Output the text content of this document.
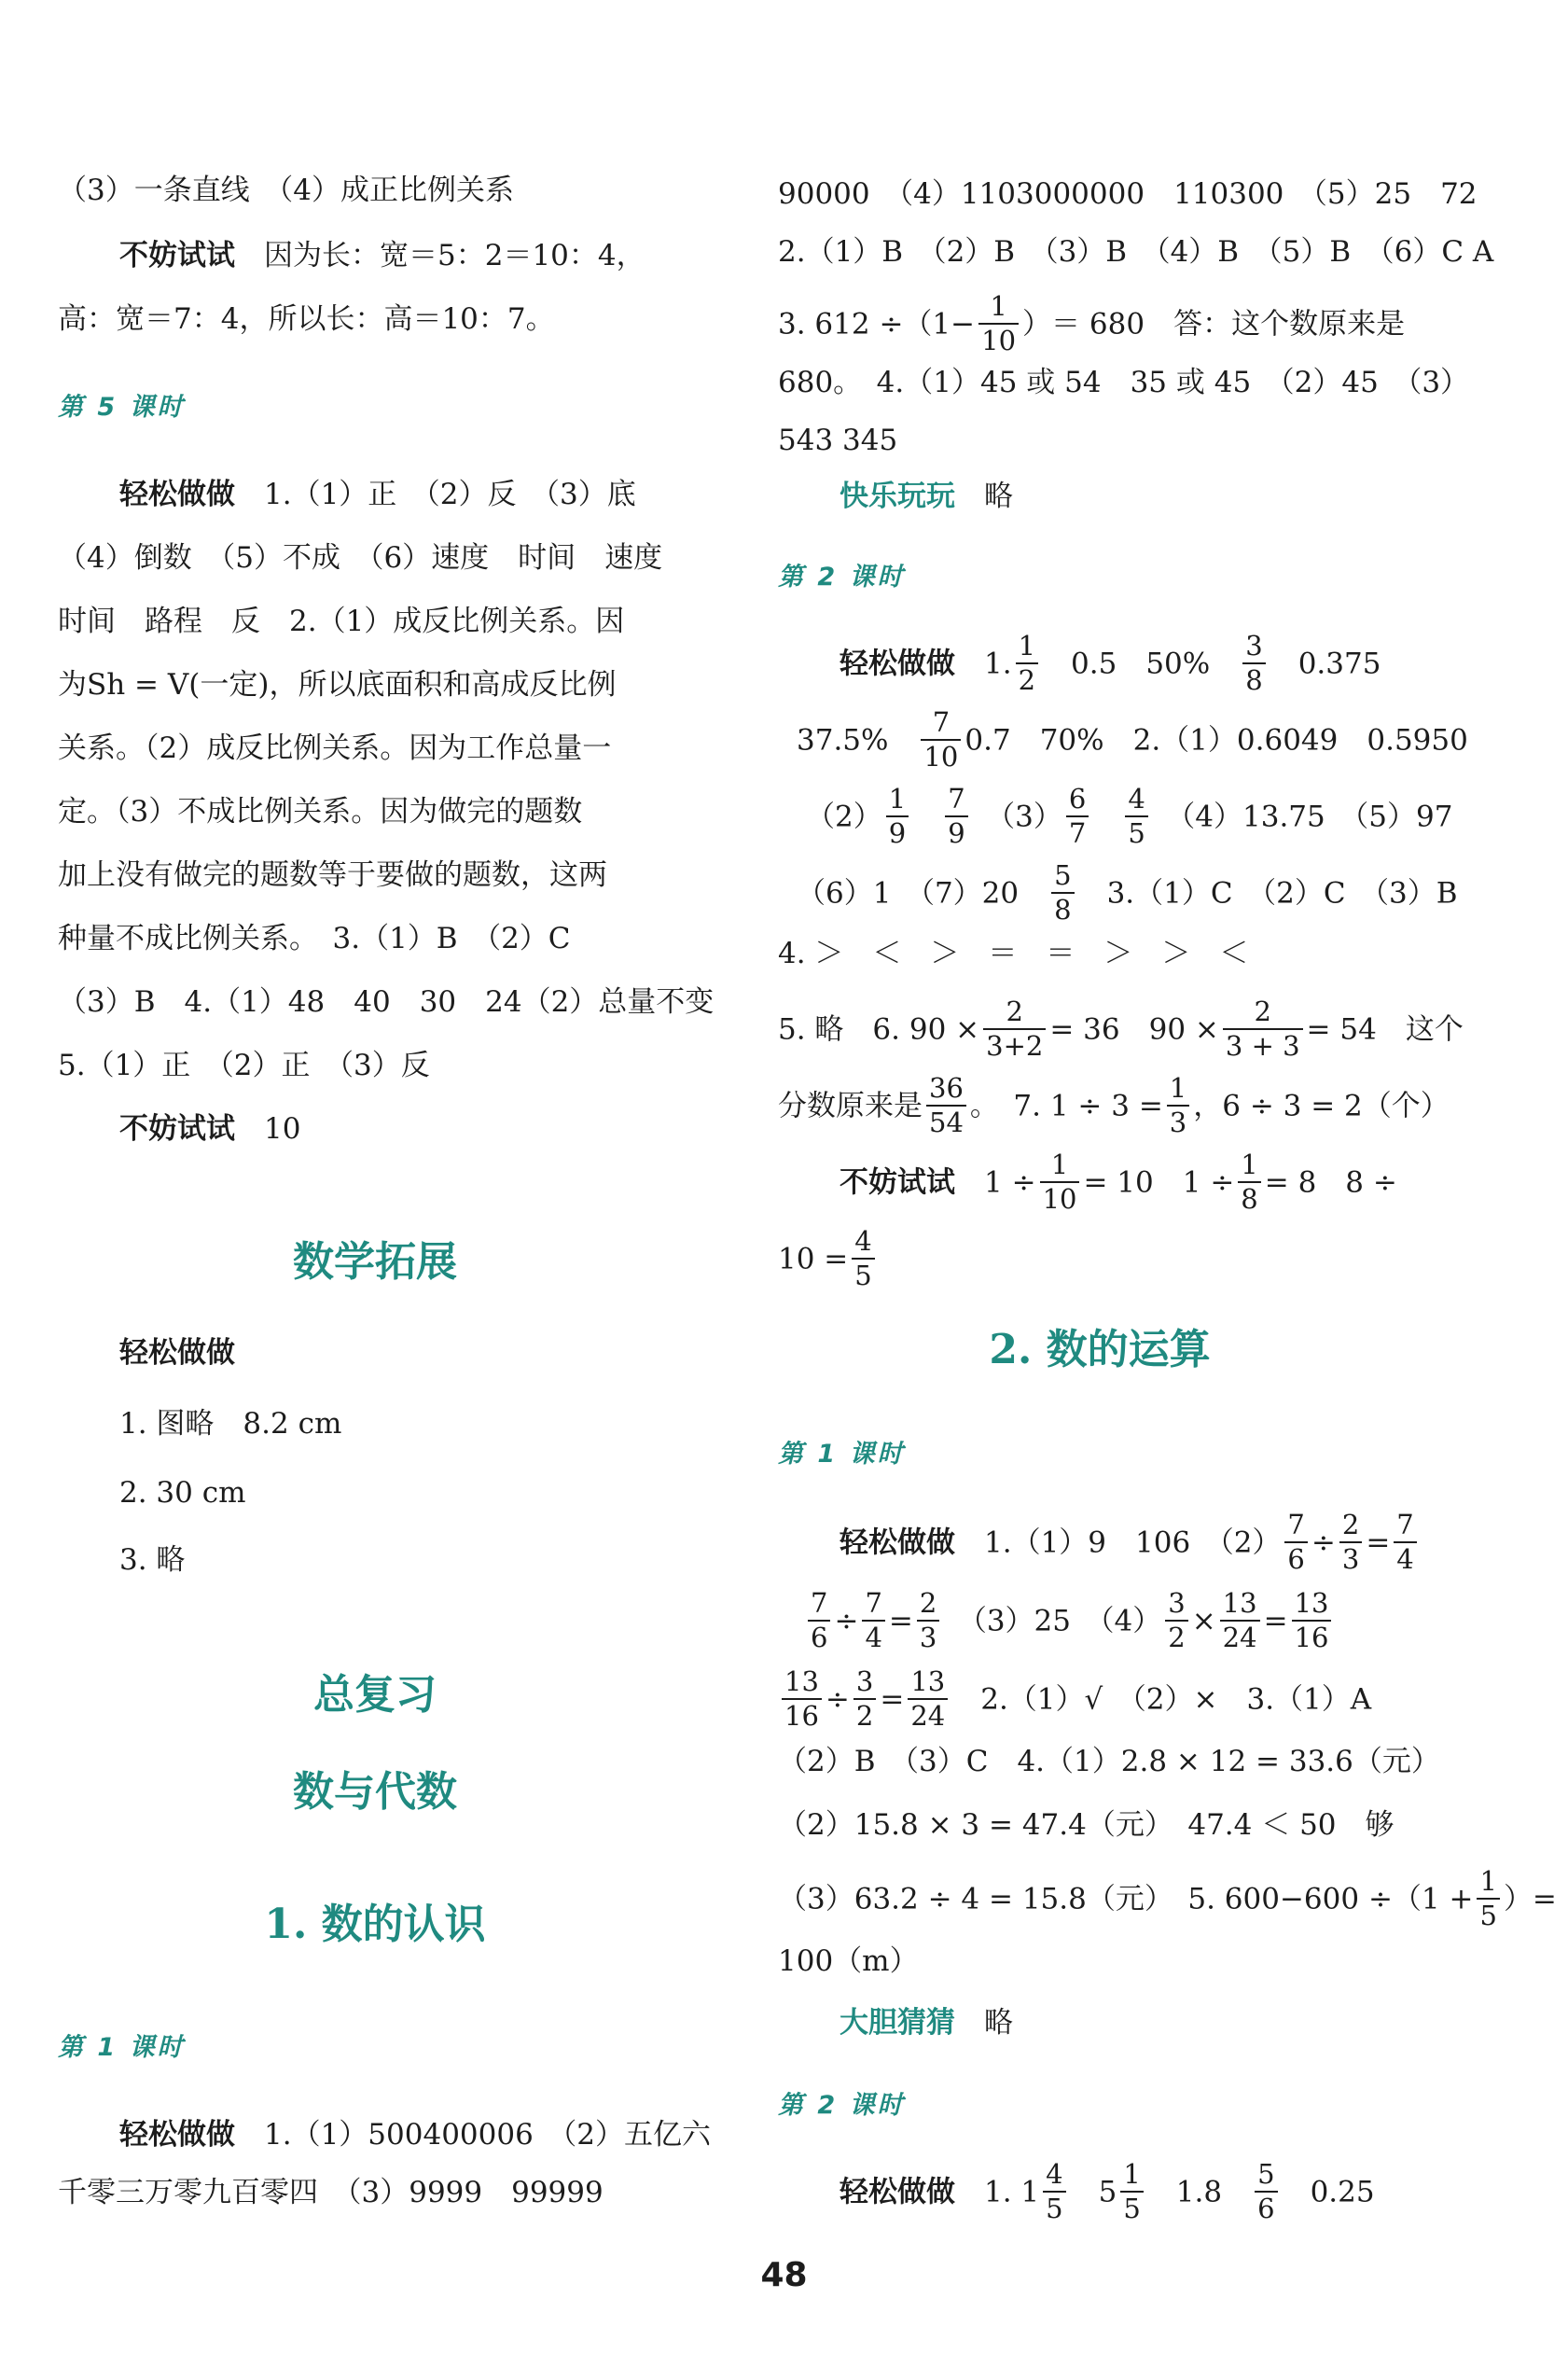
（3）一条直线　（4）成正比例关系
不妨试试　 因为长：宽＝5：2＝10：4，
高：宽＝7：4，所以长：高＝10：7。
第 5 课时
轻松做做　 1.（1）正　（2）反　（3）底
（4）倒数　（5）不成　（6）速度　时间　速度
时间　路程　反　2.（1）成反比例关系。因
为Sh = V(一定)，所以底面积和高成反比例
关系。（2）成反比例关系。因为工作总量一
定。（3）不成比例关系。因为做完的题数
加上没有做完的题数等于要做的题数，这两
种量不成比例关系。　3.（1）B　（2）C
（3）B　4.（1）48　40　30　24（2）总量不变
5.（1）正　（2）正　（3）反
不妨试试　 10
数学拓展
轻松做做
1. 图略　8.2 cm
2. 30 cm
3. 略
总复习
数与代数
1. 数的认识
第 1 课时
轻松做做　 1.（1）500400006　（2）五亿六
千零三万零九百零四　（3）9999　99999
90000　（4）1103000000　110300　（5）25　72
2.（1）B　（2）B　（3）B　（4）B　（5）B　（6）C A
3. $612 \div(1- \frac{1}{10}$ ）＝ 680　答：这个数原来是
680。　4.（1）45 或 54　35 或 45　（2）45　（3）
543 345
快乐玩玩　 略
第 2 课时
轻松做做　 1. $\frac{1}{2}$
　 0.5　50%　 $\frac{3}{8}$
　 0.375
37.5%　 $\frac{7}{10} 0.7$　70%　2.（1）0.6049　0.5950
$(2) \frac{1}{9}$
　 $\frac{7}{9}$
　 $(3) \frac{6}{7}$
　 $\frac{4}{5}$
　 （4）13.75　（5）97
（6）1　（7）20　 $\frac{5}{8}$
　 3.（1）C　（2）C　（3）B
4. ＞　＜　＞　＝　＝　＞　＞　＜
5. 略　6. $90 \times \frac{2}{3+2} = 36$　$90 \times \frac{2}{3 + 3} = 54$　这个
分数原来是 $\frac{36}{54}$ 。　7. $1 \div 3 = \frac{1}{3}$ ，6 ÷ 3 = 2（个）
不妨试试　 $1 \div \frac{1}{10} = 10$　$1 \div \frac{1}{8} = 8$　8 ÷
$10 = \frac{4}{5}$
2. 数的运算
第 1 课时
轻松做做　 1.（1）9　106　$(2) \frac{7}{6} \div \frac{2}{3} = \frac{7}{4}$
$\frac{7}{6} \div \frac{7}{4} = \frac{2}{3}$
　 （3）25　$(4) \frac{3}{2} \times \frac{13}{24} = \frac{13}{16}$
$\frac{13}{16} \div \frac{3}{2} = \frac{13}{24}$
　 2.（1）√　（2）×　3.（1）A
（2）B　（3）C　4.（1）2.8 × 12 = 33.6（元）
（2）15.8 × 3 = 47.4（元）　47.4 ＜ 50　够
（3）63.2 ÷ 4 = 15.8（元）　5. $600-600 \div(1 + \frac{1}{5}$ ）=
100（m）
大胆猜猜　 略
第 2 课时
轻松做做　 1. $1 \frac{4}{5}$
　 $5 \frac{1}{5}$
　 1.8　 $\frac{5}{6}$
　 0.25
48
